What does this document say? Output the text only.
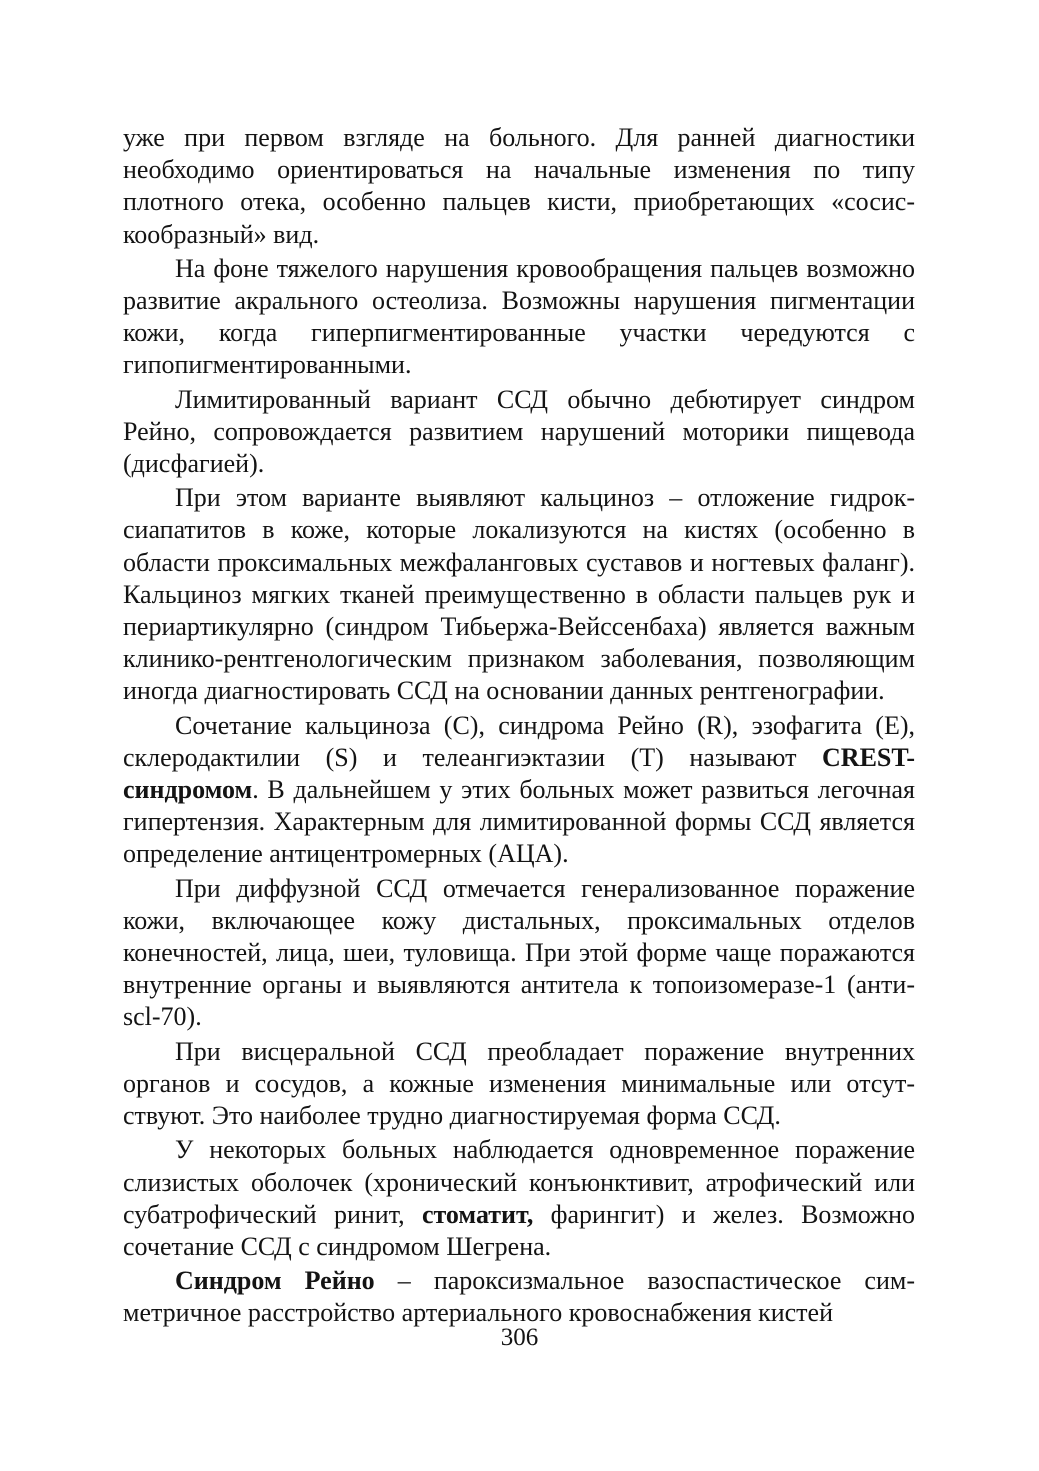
уже при первом взгляде на больного. Для ранней диагностики необходимо ориентироваться на начальные изменения по типу плотного отека, особенно пальцев кисти, приобретающих «сосискообразный» вид.

На фоне тяжелого нарушения кровообращения пальцев возможно развитие акрального остеолиза. Возможны нарушения пигментации кожи, когда гиперпигментированные участки чередуются с гипопигментированными.

Лимитированный вариант ССД обычно дебютирует синдром Рейно, сопровождается развитием нарушений моторики пищевода (дисфагией).

При этом варианте выявляют кальциноз – отложение гидроксиапатитов в коже, которые локализуются на кистях (особенно в области проксимальных межфаланговых суставов и ногтевых фаланг). Кальциноз мягких тканей преимущественно в области пальцев рук и периартикулярно (синдром Тибьержа-Вейссенбаха) является важным клинико-рентгенологическим признаком заболевания, позволяющим иногда диагностировать ССД на основании данных рентгенографии.

Сочетание кальциноза (С), синдрома Рейно (R), эзофагита (Е), склеродактилии (S) и телеангиэктазии (Т) называют CREST-синдромом. В дальнейшем у этих больных может развиться легочная гипертензия. Характерным для лимитированной формы ССД является определение антицентромерных (АЦА).

При диффузной ССД отмечается генерализованное поражение кожи, включающее кожу дистальных, проксимальных отделов конечностей, лица, шеи, туловища. При этой форме чаще поражаются внутренние органы и выявляются антитела к топоизомеразе-1 (анти-scl-70).

При висцеральной ССД преобладает поражение внутренних органов и сосудов, а кожные изменения минимальные или отсутствуют. Это наиболее трудно диагностируемая форма ССД.

У некоторых больных наблюдается одновременное поражение слизистых оболочек (хронический конъюнктивит, атрофический или субатрофический ринит, стоматит, фарингит) и желез. Возможно сочетание ССД с синдромом Шегрена.

Синдром Рейно – пароксизмальное вазоспастическое симметричное расстройство артериального кровоснабжения кистей

306
